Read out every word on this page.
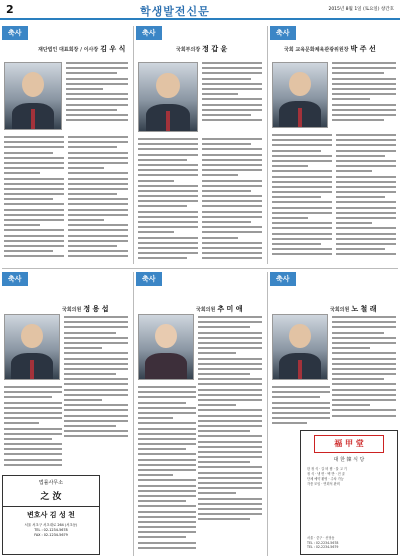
2	학생발전신문	2015년 8월 1일 (토요일) 창간호
축사
재단법인 대표회장 / 이사장 김 우 식
축사
국회부의장 정 갑 윤
축사
국회 교육문화체육관광위원장 박 주 선
축사
국회의원 정 용 섭
법률사무소
之 汝
변호사 김 성 천
서울 서초구 서초대로 264 (서초동)
TEL : 02-1234-5678
FAX : 02-1234-5679
축사
국회의원 추 미 애
축사
국회의원 노 철 래
福 甲 堂
대 한 韓 식 당
한 정 식 · 갈 비 찜 · 불 고 기
정 식 · 냉 면 · 백 반 · 전 골
단체 예약 환영 · 주차 가능
각종 모임 · 연회석 완비
서울 · 중구 · 신당동
TEL : 02-2234-5678
TEL : 02-2234-5679
